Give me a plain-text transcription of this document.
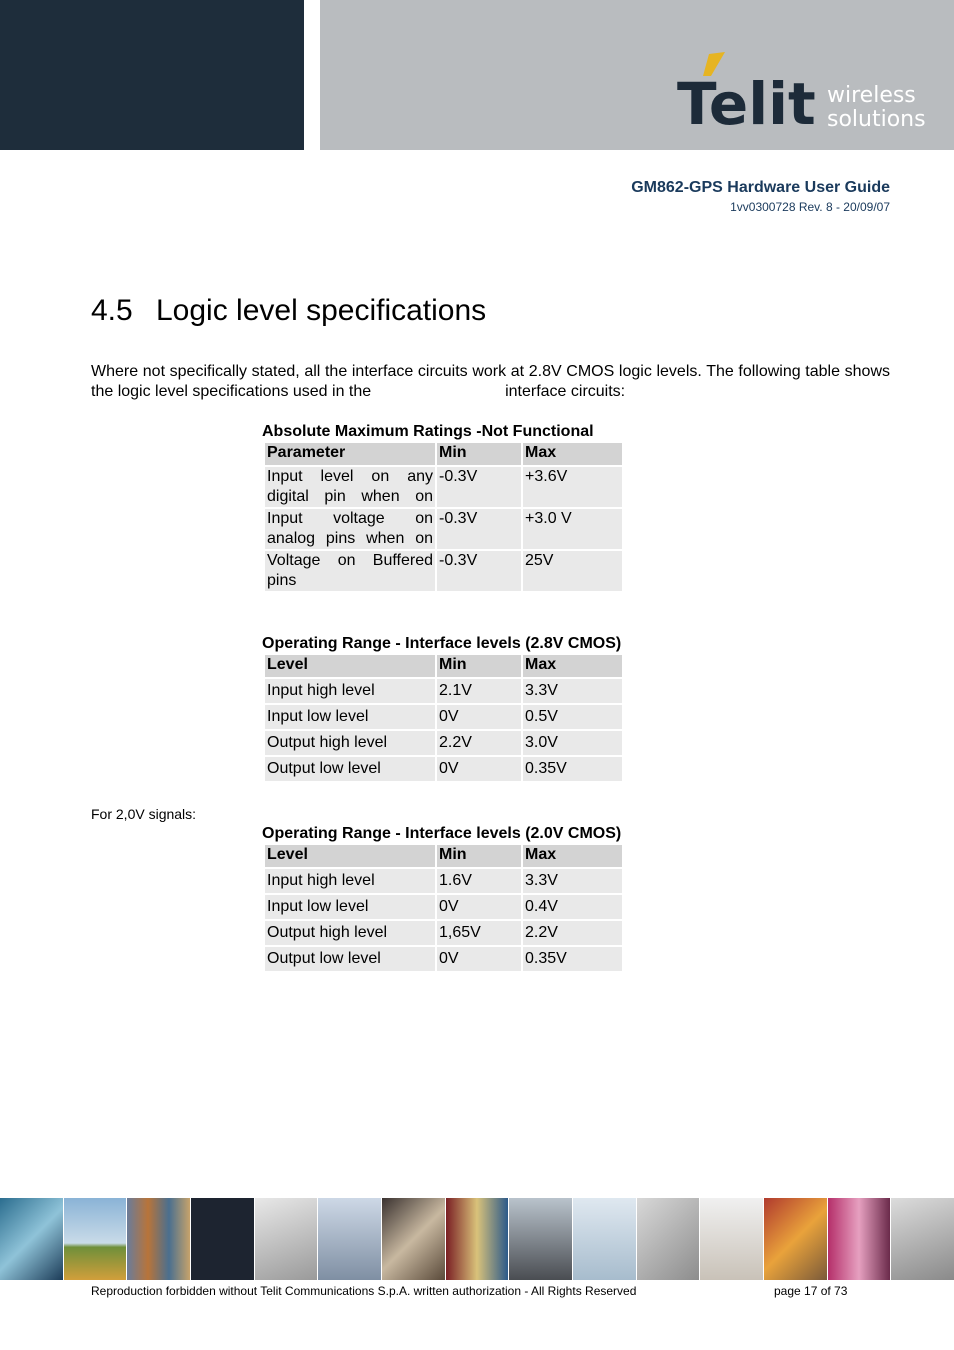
Telit wireless
solutions
GM862-GPS Hardware User Guide
1vv0300728 Rev. 8 - 20/09/07
4.5 Logic level specifications
Where not specifically stated, all the interface circuits work at 2.8V CMOS logic levels. The following table shows the logic level specifications used in the	interface circuits:
Absolute Maximum Ratings -Not Functional
Parameter	Min	Max
Input level on any digital pin when on	-0.3V	+3.6V
Input voltage on analog pins when on	-0.3V	+3.0 V
Voltage on Buffered pins	-0.3V	25V
Operating Range - Interface levels (2.8V CMOS)
Level	Min	Max
Input high level	2.1V	3.3V
Input low level	0V	0.5V
Output high level	2.2V	3.0V
Output low level	0V	0.35V
For 2,0V signals:
Operating Range - Interface levels (2.0V CMOS)
Level	Min	Max
Input high level	1.6V	3.3V
Input low level	0V	0.4V
Output high level	1,65V	2.2V
Output low level	0V	0.35V
Reproduction forbidden without Telit Communications S.p.A. written authorization - All Rights Reserved	page 17 of 73
